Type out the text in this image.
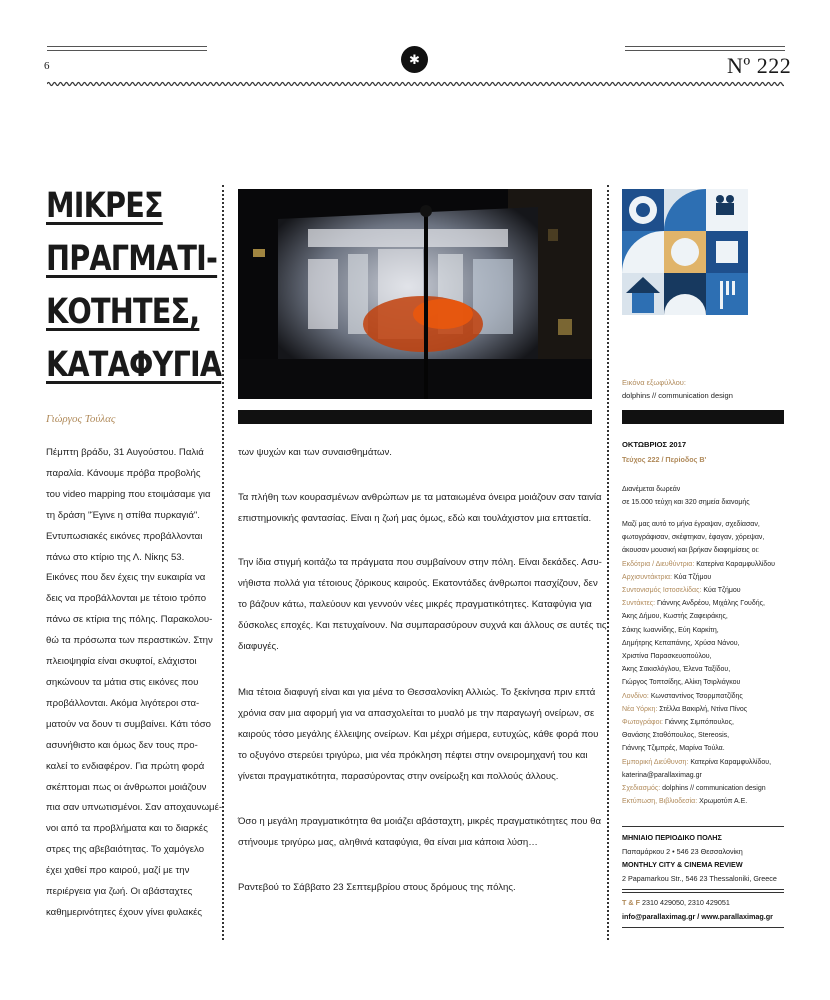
✱
6	Nº 222
ΜΙΚΡΕΣ
ΠΡΑΓΜΑΤΙ-
ΚΟΤΗΤΕΣ,
ΚΑΤΑΦΥΓΙΑ
Γιώργος Τούλας
Πέμπτη βράδυ, 31 Αυγούστου. Παλιά
παραλία. Κάνουμε πρόβα προβολής
του video mapping που ετοιμάσαμε για
τη δράση "Έγινε η σπίθα πυρκαγιά".
Εντυπωσιακές εικόνες προβάλλονται
πάνω στο κτίριο της Λ. Νίκης 53.
Εικόνες που δεν έχεις την ευκαιρία να
δεις να προβάλλονται με τέτοιο τρόπο
πάνω σε κτίρια της πόλης. Παρακολου-
θώ τα πρόσωπα των περαστικών. Στην
πλειοψηφία είναι σκυφτοί, ελάχιστοι
σηκώνουν τα μάτια στις εικόνες που
προβάλλονται. Ακόμα λιγότεροι στα-
ματούν να δουν τι συμβαίνει. Κάτι τόσο
ασυνήθιστο και όμως δεν τους προ-
καλεί το ενδιαφέρον. Για πρώτη φορά
σκέπτομαι πως οι άνθρωποι μοιάζουν
πια σαν υπνωτισμένοι. Σαν αποχαυνωμέ-
νοι από τα προβλήματα και το διαρκές
στρες της αβεβαιότητας. Το χαμόγελο
έχει χαθεί προ καιρού, μαζί με την
περιέργεια για ζωή. Οι αβάσταχτες
καθημερινότητες έχουν γίνει φυλακές
των ψυχών και των συναισθημάτων.
Τα πλήθη των κουρασμένων ανθρώπων με τα ματαιωμένα όνειρα μοιάζουν σαν ταινία
επιστημονικής φαντασίας. Είναι η ζωή μας όμως, εδώ και τουλάχιστον μια επταετία.
Την ίδια στιγμή κοιτάζω τα πράγματα που συμβαίνουν στην πόλη. Είναι δεκάδες. Ασυ-
νήθιστα πολλά για τέτοιους ζόρικους καιρούς. Εκατοντάδες άνθρωποι πασχίζουν, δεν
το βάζουν κάτω, παλεύουν και γεννούν νέες μικρές πραγματικότητες. Καταφύγια για
δύσκολες εποχές. Και πετυχαίνουν. Να συμπαρασύρουν συχνά και άλλους σε αυτές τις
διαφυγές.
Μια τέτοια διαφυγή είναι και για μένα το Θεσσαλονίκη Αλλιώς. Το ξεκίνησα πριν επτά
χρόνια σαν μια αφορμή για να απασχολείται το μυαλό με την παραγωγή ονείρων, σε
καιρούς τόσο μεγάλης έλλειψης ονείρων. Και μέχρι σήμερα, ευτυχώς, κάθε φορά που
το οξυγόνο στερεύει τριγύρω, μια νέα πρόκληση πέφτει στην ονειρομηχανή του και
γίνεται πραγματικότητα, παρασύροντας στην ονείρωξη και πολλούς άλλους.
Όσο η μεγάλη πραγματικότητα θα μοιάζει αβάσταχτη, μικρές πραγματικότητες που θα
στήνουμε τριγύρω μας, αληθινά καταφύγια, θα είναι μια κάποια λύση…
Ραντεβού το Σάββατο 23 Σεπτεμβρίου στους δρόμους της πόλης.
Εικόνα εξωφύλλου:
dolphins // communication design
ΟΚΤΩΒΡΙΟΣ 2017
Τεύχος 222 / Περίοδος Β'
Διανέμεται δωρεάν
σε 15.000 τεύχη και 320 σημεία διανομής
Μαζί μας αυτό το μήνα έγραψαν, σχεδίασαν,
φωτογράφισαν, σκέφτηκαν, έφαγαν, χόρεψαν,
άκουσαν μουσική και βρήκαν διαφημίσεις οι:
Εκδότρια / Διευθύντρια: Κατερίνα Καραμφυλλίδου
Αρχισυντάκτρια: Κύα Τζήμου
Συντονισμός Ιστοσελίδας: Κύα Τζήμου
Συντάκτες: Γιάννης Ανδρέου, Μιχάλης Γουδής,
Άκης Δήμου, Κωστής Ζαφειράκης,
Σάκης Ιωαννίδης, Εύη Καρκίτη,
Δημήτρης Κεπαπάνης, Χρύσα Νάνου,
Χριστίνα Παρασκευοπούλου,
Άκης Σακισλόγλου, Έλενα Ταξίδου,
Γιώργος Τοπτσίδης, Αλίκη Τσιρλιάγκου
Λονδίνο: Κωνσταντίνος Τσορμπατζίδης
Νέα Υόρκη: Στέλλα Βακιρλή, Ντίνα Πίνος
Φωτογράφοι: Γιάννης Σιμπόπουλος,
Θανάσης Σταθόπουλος, Stereosis,
Γιάννης Τζιμπρές, Μαρίνα Τούλα.
Εμπορική Διεύθυνση: Κατερίνα Καραμφυλλίδου,
katerina@parallaximag.gr
Σχεδιασμός: dolphins // communication design
Εκτύπωση, Βιβλιοδεσία: Χρωμοτύπ Α.Ε.
ΜΗΝΙΑΙΟ ΠΕΡΙΟΔΙΚΟ ΠΟΛΗΣ
Παπαμάρκου 2 • 546 23 Θεσσαλονίκη
MONTHLY CITY & CINEMA REVIEW
2 Papamarkou Str., 546 23 Thessaloniki, Greece
T & F 2310 429050, 2310 429051
info@parallaximag.gr / www.parallaximag.gr
